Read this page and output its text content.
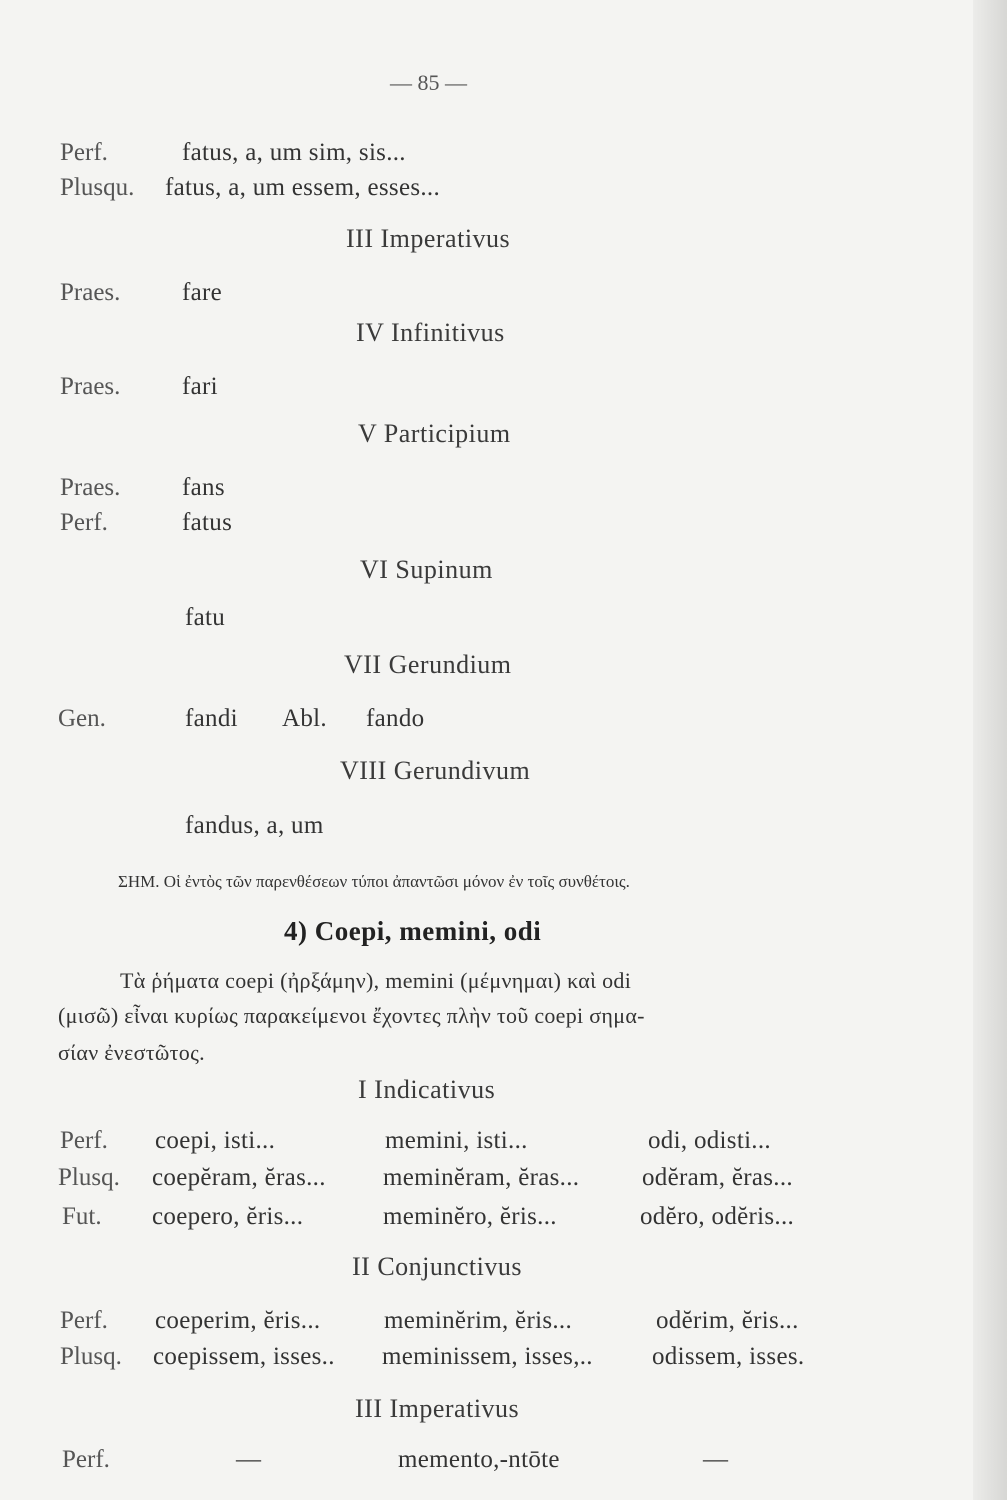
— 85 —
Perf.	fatus, a, um sim, sis...
Plusqu. fatus, a, um essem, esses...
III Imperativus
Praes. fare
IV Infinitivus
Praes. fari
V Participium
Praes. fans
Perf.	fatus
VI Supinum
fatu
VII Gerundium
Gen.	fandi Abl. fando
VIII Gerundivum
fandus, a, um
ΣΗΜ. Οἱ ἐντὸς τῶν παρενθέσεων τύποι ἀπαντῶσι μόνον ἐν τοῖς συνθέτοις.
4) Coepi, memini, odi
Τὰ ῥήματα coepi (ἠρξάμην), memini (μέμνημαι) καὶ odi
(μισῶ) εἶναι κυρίως παρακείμενοι ἔχοντες πλὴν τοῦ coepi σημα-
σίαν ἐνεστῶτος.
I Indicativus
Perf. coepi, isti...	memini, isti...	odi, odisti...
Plusq. coepĕram, ĕras... meminĕram, ĕras...	odĕram, ĕras...
Fut. coepero, ĕris...	meminĕro, ĕris...	odĕro, odĕris...
II Conjunctivus
Perf. coeperim, ĕris...	meminĕrim, ĕris...	odĕrim, ĕris...
Plusq. coepissem, isses.. meminissem, isses,.. odissem, isses.
III Imperativus
Perf.	—	memento,-ntōte	—
